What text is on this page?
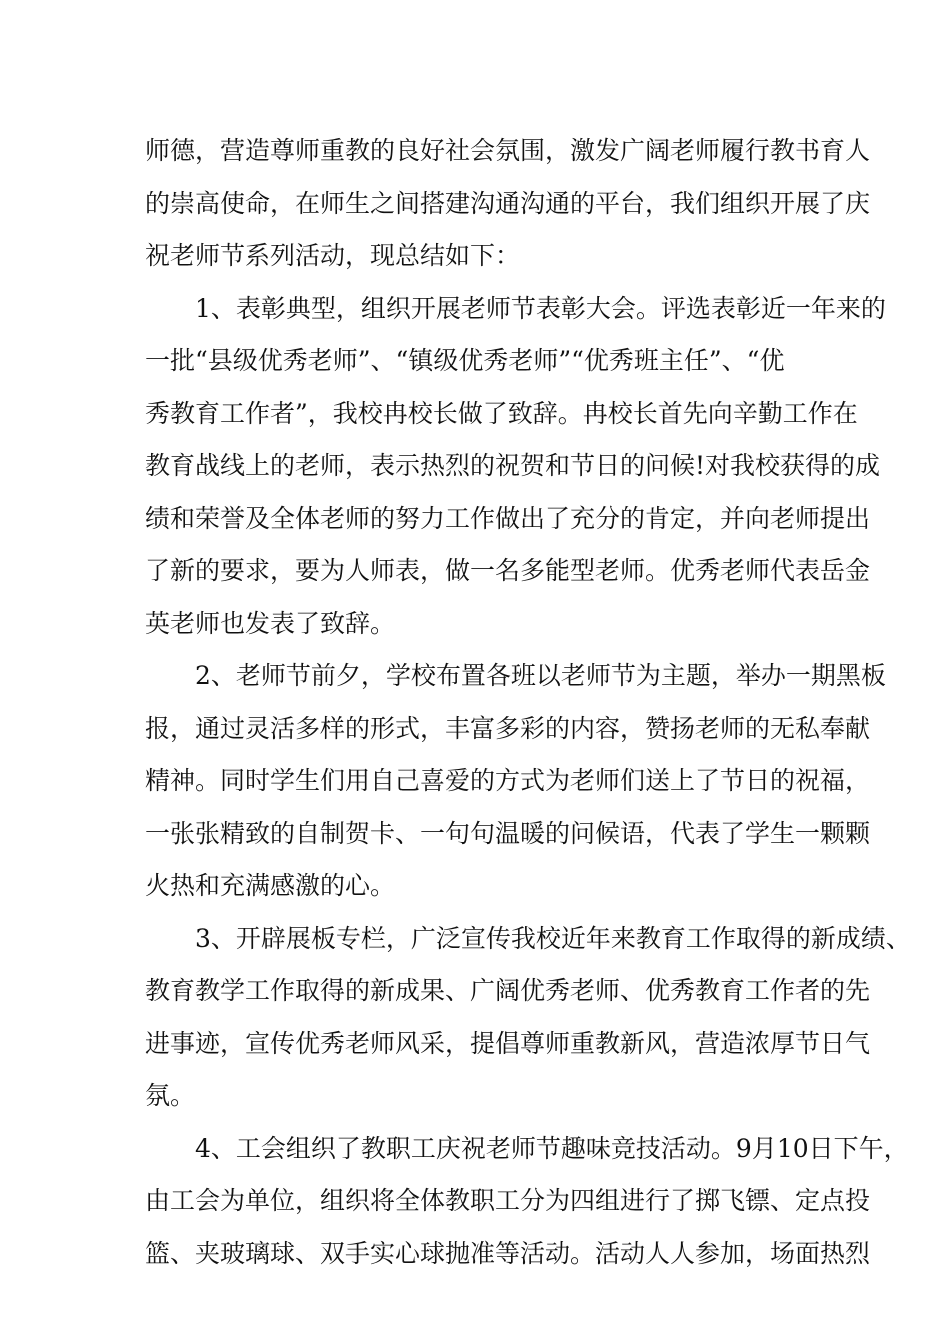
师德，营造尊师重教的良好社会氛围，激发广阔老师履行教书育人
的崇高使命，在师生之间搭建沟通沟通的平台，我们组织开展了庆
祝老师节系列活动，现总结如下：
1、表彰典型，组织开展老师节表彰大会。评选表彰近一年来的
一批“县级优秀老师”、“镇级优秀老师”“优秀班主任”、“优
秀教育工作者”，我校冉校长做了致辞。冉校长首先向辛勤工作在
教育战线上的老师，表示热烈的祝贺和节日的问候!对我校获得的成
绩和荣誉及全体老师的努力工作做出了充分的肯定，并向老师提出
了新的要求，要为人师表，做一名多能型老师。优秀老师代表岳金
英老师也发表了致辞。
2、老师节前夕，学校布置各班以老师节为主题，举办一期黑板
报，通过灵活多样的形式，丰富多彩的内容，赞扬老师的无私奉献
精神。同时学生们用自己喜爱的方式为老师们送上了节日的祝福，
一张张精致的自制贺卡、一句句温暖的问候语，代表了学生一颗颗
火热和充满感激的心。
3、开辟展板专栏，广泛宣传我校近年来教育工作取得的新成绩、
教育教学工作取得的新成果、广阔优秀老师、优秀教育工作者的先
进事迹，宣传优秀老师风采，提倡尊师重教新风，营造浓厚节日气
氛。
4、工会组织了教职工庆祝老师节趣味竞技活动。9月10日下午，
由工会为单位，组织将全体教职工分为四组进行了掷飞镖、定点投
篮、夹玻璃球、双手实心球抛准等活动。活动人人参加，场面热烈
